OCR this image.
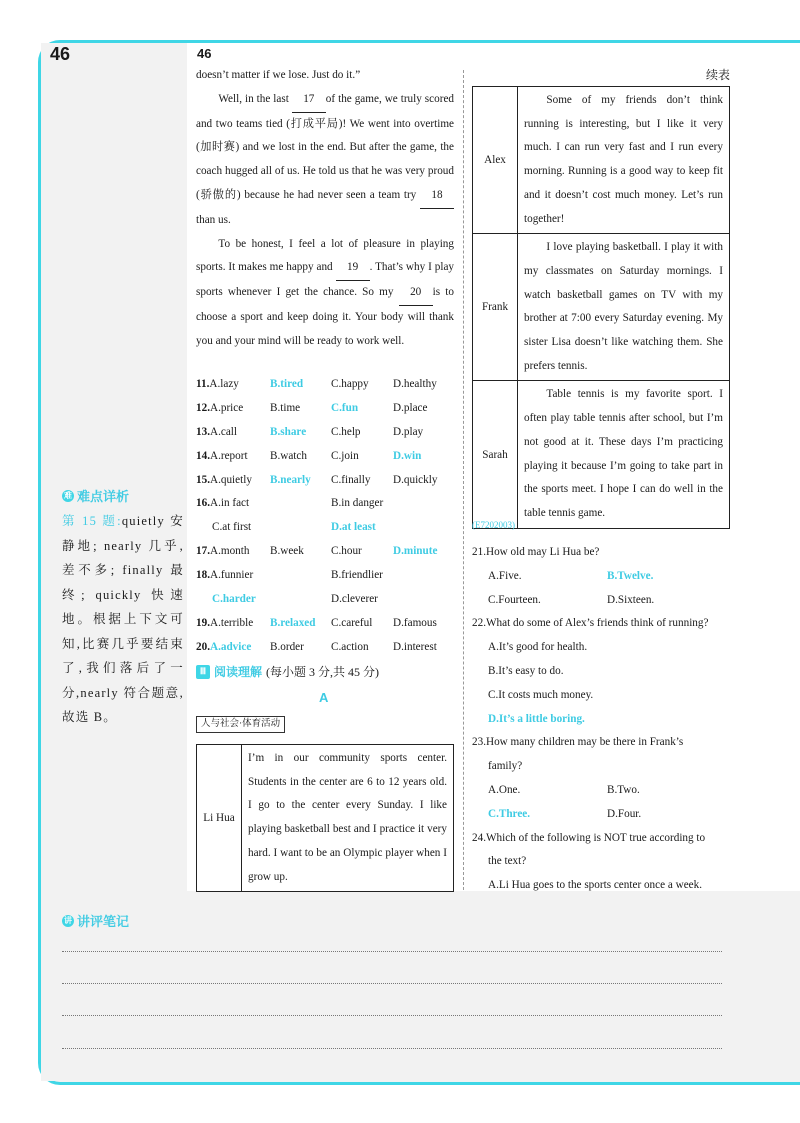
46	46
续表

doesn’t matter if we lose. Just do it.”

Well, in the last 17 of the game, we truly scored and two teams tied (打成平局)! We went into overtime (加时赛) and we lost in the end. But after the game, the coach hugged all of us. He told us that he was very proud (骄傲的) because he had never seen a team try 18than us.

To be honest, I feel a lot of pleasure in playing sports. It makes me happy and 19 . That’s why I play sports whenever I get the chance. So my 20 is to choose a sport and keep doing it. Your body will thank you and your mind will be ready to work well.

11.A.lazy	B.tired C.happy D.healthy
12.A.price B.time	C.fun	D.place
13.A.call	B.share C.help	D.play
14.A.report B.watch C.join	D.win
15.A.quietly B.nearly C.finally D.quickly
16.A.in fact	B.in danger
C.at first	D.at least
17.A.month B.week C.hour	D.minute
18.A.funnier	B.friendlier
C.harder	D.cleverer
19.A.terrible B.relaxed C.careful D.famous
20.A.advice B.order C.action D.interest
Ⅲ 阅读理解 (每小题 3 分,共 45 分)
A
人与社会·体育活动
Li Hua	I’m in our community sports center. Students in the center are 6 to 12 years old. I go to the center every Sunday. I like playing basketball best and I practice it very hard. I want to be an Olympic player when I grow up.
Alex	Some of my friends don’t think running is interesting, but I like it very much. I can run very fast and I run every morning. Running is a good way to keep fit and it doesn’t cost much money. Let’s run together!
Frank	I love playing basketball. I play it with my classmates on Saturday mornings. I watch basketball games on TV with my brother at 7:00 every Saturday evening. My sister Lisa doesn’t like watching them. She prefers tennis.
Sarah	Table tennis is my favorite sport. I often play table tennis after school, but I’m not good at it. These days I’m practicing playing it because I’m going to take part in the sports meet. I hope I can do well in the table tennis game.
(E7202003)
21.How old may Li Hua be?
A.Five.	B.Twelve.
C.Fourteen.	D.Sixteen.
22.What do some of Alex’s friends think of running?
A.It’s good for health.
B.It’s easy to do.
C.It costs much money.
D.It’s a little boring.
23.How many children may be there in Frank’s
family?
A.One.	B.Two.
C.Three.	D.Four.
24.Which of the following is NOT true according to
the text?
A.Li Hua goes to the sports center once a week.
难 难点详析
第 15 题:quietly 安静地; nearly 几乎,差不多; finally 最终; quickly 快速地。根据上下文可知,比赛几乎要结束了,我们落后了一分,nearly 符合题意,故选 B。
讲 讲评笔记
